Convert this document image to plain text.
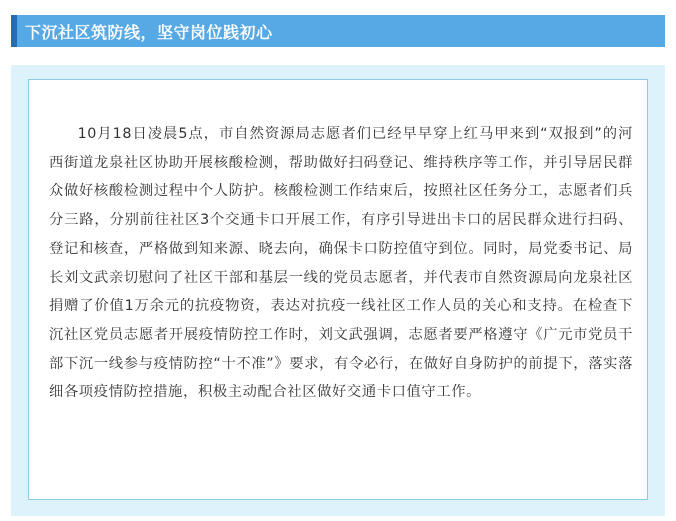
下沉社区筑防线，坚守岗位践初心

10月18日凌晨5点，市自然资源局志愿者们已经早早穿上红马甲来到“双报到”的河西街道龙泉社区协助开展核酸检测，帮助做好扫码登记、维持秩序等工作，并引导居民群众做好核酸检测过程中个人防护。核酸检测工作结束后，按照社区任务分工，志愿者们兵分三路，分别前往社区3个交通卡口开展工作，有序引导进出卡口的居民群众进行扫码、登记和核查，严格做到知来源、晓去向，确保卡口防控值守到位。同时，局党委书记、局长刘文武亲切慰问了社区干部和基层一线的党员志愿者，并代表市自然资源局向龙泉社区捐赠了价值1万余元的抗疫物资，表达对抗疫一线社区工作人员的关心和支持。在检查下沉社区党员志愿者开展疫情防控工作时，刘文武强调，志愿者要严格遵守《广元市党员干部下沉一线参与疫情防控“十不准”》要求，有令必行，在做好自身防护的前提下，落实落细各项疫情防控措施，积极主动配合社区做好交通卡口值守工作。
